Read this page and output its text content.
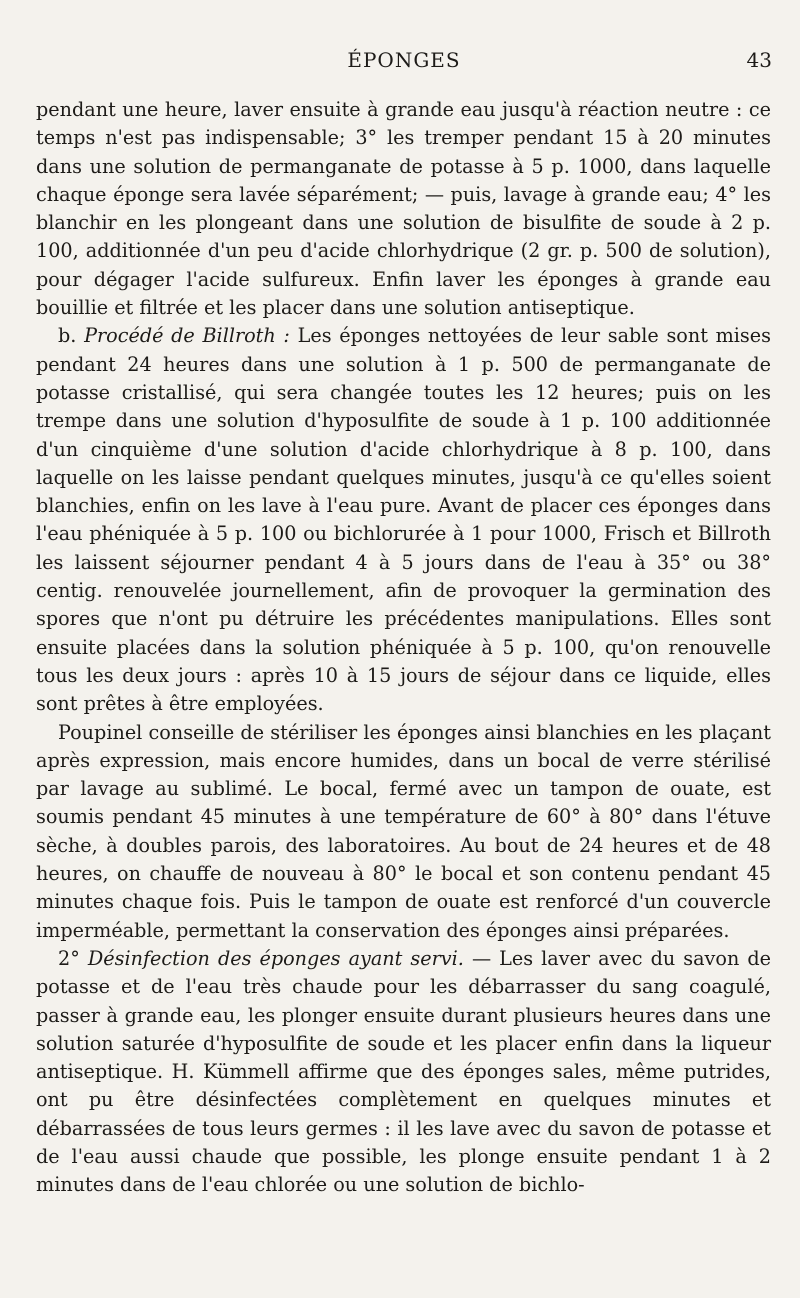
ÉPONGES	43

pendant une heure, laver ensuite à grande eau jusqu'à réaction neutre : ce temps n'est pas indispensable; 3° les tremper pendant 15 à 20 minutes dans une solution de permanganate de potasse à 5 p. 1000, dans laquelle chaque éponge sera lavée séparément; — puis, lavage à grande eau; 4° les blanchir en les plongeant dans une solution de bisulfite de soude à 2 p. 100, additionnée d'un peu d'acide chlorhydrique (2 gr. p. 500 de solution), pour dégager l'acide sulfureux. Enfin laver les éponges à grande eau bouillie et filtrée et les placer dans une solution antiseptique.

b. Procédé de Billroth : Les éponges nettoyées de leur sable sont mises pendant 24 heures dans une solution à 1 p. 500 de permanganate de potasse cristallisé, qui sera changée toutes les 12 heures; puis on les trempe dans une solution d'hyposulfite de soude à 1 p. 100 additionnée d'un cinquième d'une solution d'acide chlorhydrique à 8 p. 100, dans laquelle on les laisse pendant quelques minutes, jusqu'à ce qu'elles soient blanchies, enfin on les lave à l'eau pure. Avant de placer ces éponges dans l'eau phéniquée à 5 p. 100 ou bichlorurée à 1 pour 1000, Frisch et Billroth les laissent séjourner pendant 4 à 5 jours dans de l'eau à 35° ou 38° centig. renouvelée journellement, afin de provoquer la germination des spores que n'ont pu détruire les précédentes manipulations. Elles sont ensuite placées dans la solution phéniquée à 5 p. 100, qu'on renouvelle tous les deux jours : après 10 à 15 jours de séjour dans ce liquide, elles sont prêtes à être employées.

Poupinel conseille de stériliser les éponges ainsi blanchies en les plaçant après expression, mais encore humides, dans un bocal de verre stérilisé par lavage au sublimé. Le bocal, fermé avec un tampon de ouate, est soumis pendant 45 minutes à une température de 60° à 80° dans l'étuve sèche, à doubles parois, des laboratoires. Au bout de 24 heures et de 48 heures, on chauffe de nouveau à 80° le bocal et son contenu pendant 45 minutes chaque fois. Puis le tampon de ouate est renforcé d'un couvercle imperméable, permettant la conservation des éponges ainsi préparées.

2° Désinfection des éponges ayant servi. — Les laver avec du savon de potasse et de l'eau très chaude pour les débarrasser du sang coagulé, passer à grande eau, les plonger ensuite durant plusieurs heures dans une solution saturée d'hyposulfite de soude et les placer enfin dans la liqueur antiseptique. H. Kümmell affirme que des éponges sales, même putrides, ont pu être désinfectées complètement en quelques minutes et débarrassées de tous leurs germes : il les lave avec du savon de potasse et de l'eau aussi chaude que possible, les plonge ensuite pendant 1 à 2 minutes dans de l'eau chlorée ou une solution de bichlo-
